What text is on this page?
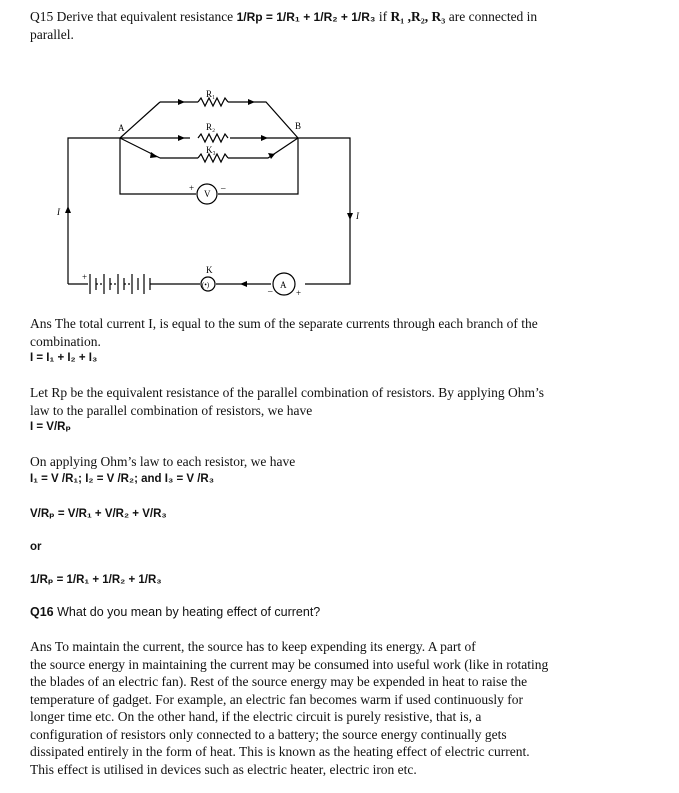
Q15 Derive that equivalent resistance 1/Rp = 1/R₁ + 1/R₂ + 1/R₃ if R₁ ,R₂, R₃ are connected in
parallel.
R₁
R₂
K₃
A	B
V
+	–
K
(•)	A
–	+
+
I	I
Ans The total current I, is equal to the sum of the separate currents through each branch of the
combination.
I = I₁ + I₂ + I₃
Let Rp be the equivalent resistance of the parallel combination of resistors. By applying Ohm’s
law to the parallel combination of resistors, we have
I = V/Rₚ
On applying Ohm’s law to each resistor, we have
I₁ = V /R₁; I₂ = V /R₂; and I₃ = V /R₃
V/Rₚ = V/R₁ + V/R₂ + V/R₃
or
1/Rₚ = 1/R₁ + 1/R₂ + 1/R₃
Q16 What do you mean by heating effect of current?
Ans To maintain the current, the source has to keep expending its energy. A part of
the source energy in maintaining the current may be consumed into useful work (like in rotating
the blades of an electric fan). Rest of the source energy may be expended in heat to raise the
temperature of gadget. For example, an electric fan becomes warm if used continuously for
longer time etc. On the other hand, if the electric circuit is purely resistive, that is, a
configuration of resistors only connected to a battery; the source energy continually gets
dissipated entirely in the form of heat. This is known as the heating effect of electric current.
This effect is utilised in devices such as electric heater, electric iron etc.
